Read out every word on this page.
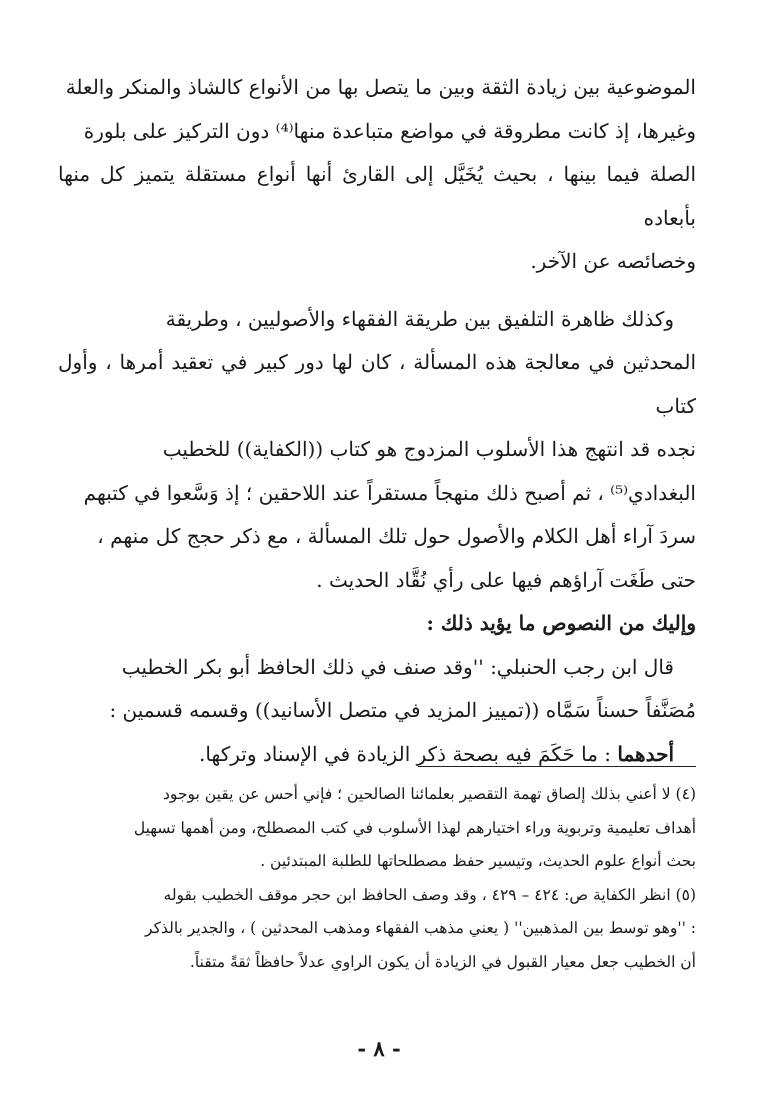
الموضوعية بين زيادة الثقة وبين ما يتصل بها من الأنواع كالشاذ والمنكر والعلة

وغيرها، إذ كانت مطروقة في مواضع متباعدة منها⁽⁴⁾ دون التركيز على بلورة

الصلة فيما بينها ، بحيث يُخَيَّل إلى القارئ أنها أنواع مستقلة يتميز كل منها بأبعاده

وخصائصه عن الآخر.

وكذلك ظاهرة التلفيق بين طريقة الفقهاء والأصوليين ، وطريقة

المحدثين في معالجة هذه المسألة ، كان لها دور كبير في تعقيد أمرها ، وأول كتاب

نجده قد انتهج هذا الأسلوب المزدوج هو كتاب ((الكفاية)) للخطيب

البغدادي⁽⁵⁾ ، ثم أصبح ذلك منهجاً مستقراً عند اللاحقين ؛ إذ وَسَّعوا في كتبهم

سردَ آراء أهل الكلام والأصول حول تلك المسألة ، مع ذكر حجج كل منهم ،

حتى طَغَت آراؤهم فيها على رأي نُقَّاد الحديث .

وإليك من النصوص ما يؤيد ذلك :

قال ابن رجب الحنبلي: ''وقد صنف في ذلك الحافظ أبو بكر الخطيب

مُصَنَّفاً حسناً سَمَّاه ((تمييز المزيد في متصل الأسانيد)) وقسمه قسمين :

أحدهما : ما حَكَمَ فيه بصحة ذكر الزيادة في الإسناد وتركها.

(٤) لا أعني بذلك إلصاق تهمة التقصير بعلمائنا الصالحين ؛ فإني أحس عن يقين بوجود

أهداف تعليمية وتربوية وراء اختيارهم لهذا الأسلوب في كتب المصطلح، ومن أهمها تسهيل

بحث أنواع علوم الحديث، وتيسير حفظ مصطلحاتها للطلبة المبتدئين .

(٥) انظر الكفاية ص: ٤٢٤ – ٤٢٩ ، وقد وصف الحافظ ابن حجر موقف الخطيب بقوله

: ''وهو توسط بين المذهبين'' ( يعني مذهب الفقهاء ومذهب المحدثين ) ، والجدير بالذكر

أن الخطيب جعل معيار القبول في الزيادة أن يكون الراوي عدلاً حافظاً ثقةً متقناً.

- ٨ -
